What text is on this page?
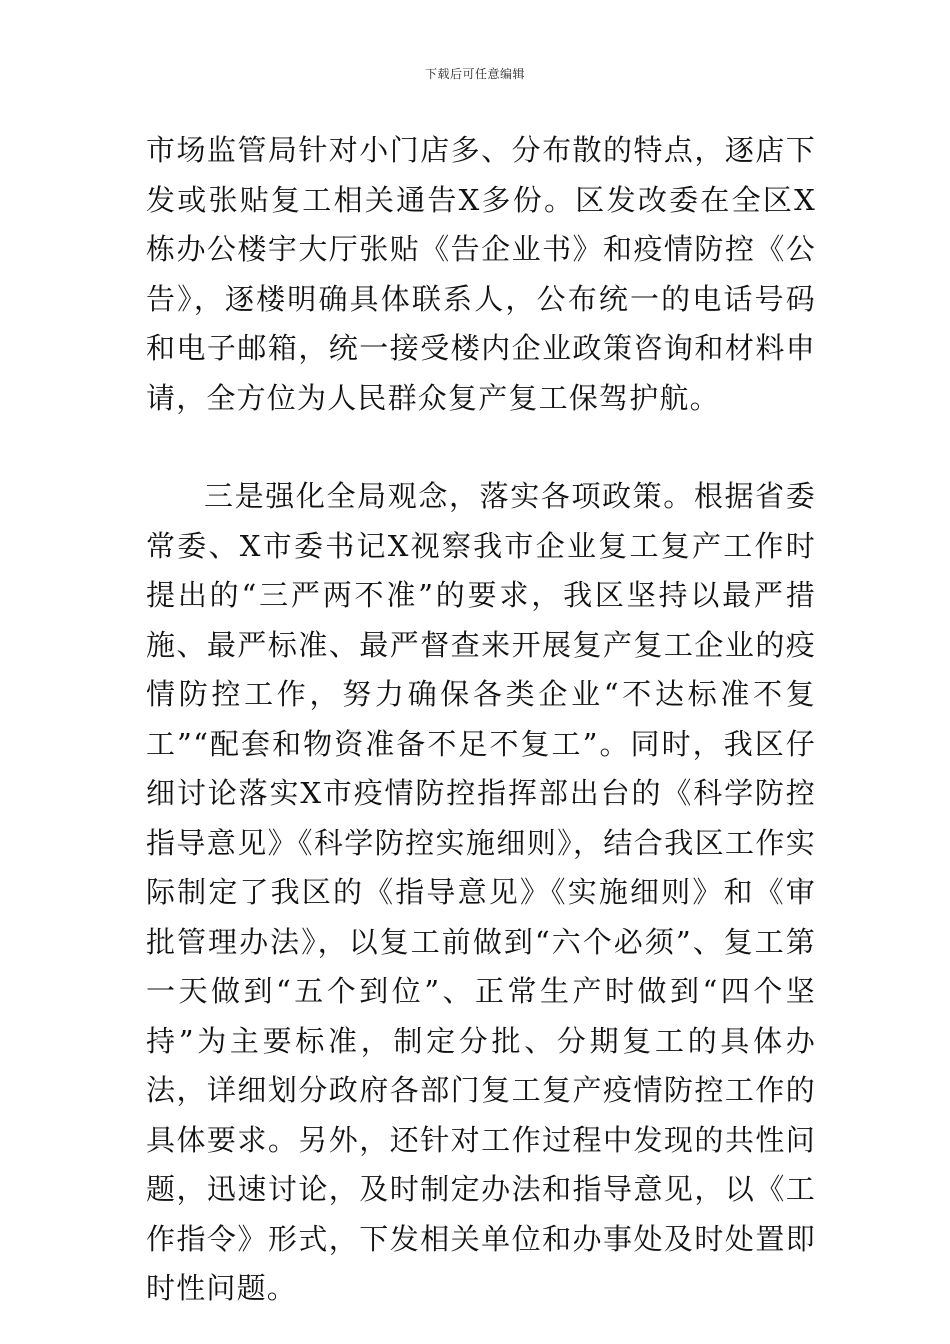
下载后可任意编辑

市场监管局针对小门店多、分布散的特点，逐店下发或张贴复工相关通告X多份。区发改委在全区X栋办公楼宇大厅张贴《告企业书》和疫情防控《公告》，逐楼明确具体联系人，公布统一的电话号码和电子邮箱，统一接受楼内企业政策咨询和材料申请，全方位为人民群众复产复工保驾护航。

三是强化全局观念，落实各项政策。根据省委常委、X市委书记X视察我市企业复工复产工作时提出的“三严两不准”的要求，我区坚持以最严措施、最严标准、最严督查来开展复产复工企业的疫情防控工作，努力确保各类企业“不达标准不复工”“配套和物资准备不足不复工”。同时，我区仔细讨论落实X市疫情防控指挥部出台的《科学防控指导意见》《科学防控实施细则》，结合我区工作实际制定了我区的《指导意见》《实施细则》和《审批管理办法》，以复工前做到“六个必须”、复工第一天做到“五个到位”、正常生产时做到“四个坚持”为主要标准，制定分批、分期复工的具体办法，详细划分政府各部门复工复产疫情防控工作的具体要求。另外，还针对工作过程中发现的共性问题，迅速讨论，及时制定办法和指导意见，以《工作指令》形式，下发相关单位和办事处及时处置即时性问题。
